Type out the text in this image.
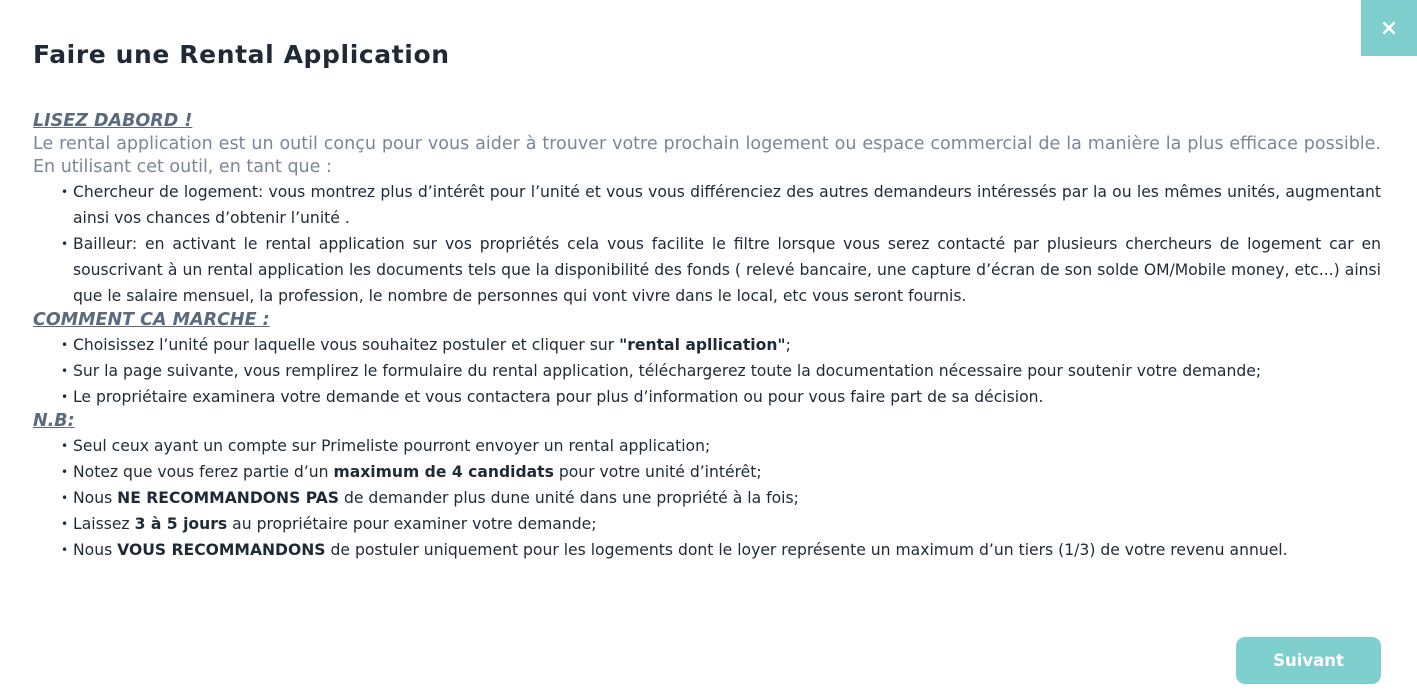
×
Faire une Rental Application
LISEZ DABORD !

Le rental application est un outil conçu pour vous aider à trouver votre prochain logement ou espace commercial de la manière la plus efficace possible. En utilisant cet outil, en tant que :

• Chercheur de logement: vous montrez plus d’intérêt pour l’unité et vous vous différenciez des autres demandeurs intéressés par la ou les mêmes unités, augmentant ainsi vos chances d’obtenir l’unité .
• Bailleur: en activant le rental application sur vos propriétés cela vous facilite le filtre lorsque vous serez contacté par plusieurs chercheurs de logement car en souscrivant à un rental application les documents tels que la disponibilité des fonds ( relevé bancaire, une capture d’écran de son solde OM/Mobile money, etc...) ainsi que le salaire mensuel, la profession, le nombre de personnes qui vont vivre dans le local, etc vous seront fournis.
COMMENT CA MARCHE :
• Choisissez l’unité pour laquelle vous souhaitez postuler et cliquer sur "rental apllication";
• Sur la page suivante, vous remplirez le formulaire du rental application, téléchargerez toute la documentation nécessaire pour soutenir votre demande;
• Le propriétaire examinera votre demande et vous contactera pour plus d’information ou pour vous faire part de sa décision.
N.B:
• Seul ceux ayant un compte sur Primeliste pourront envoyer un rental application;
• Notez que vous ferez partie d’un maximum de 4 candidats pour votre unité d’intérêt;
• Nous NE RECOMMANDONS PAS de demander plus dune unité dans une propriété à la fois;
• Laissez 3 à 5 jours au propriétaire pour examiner votre demande;
• Nous VOUS RECOMMANDONS de postuler uniquement pour les logements dont le loyer représente un maximum d’un tiers (1/3) de votre revenu annuel.
Suivant
